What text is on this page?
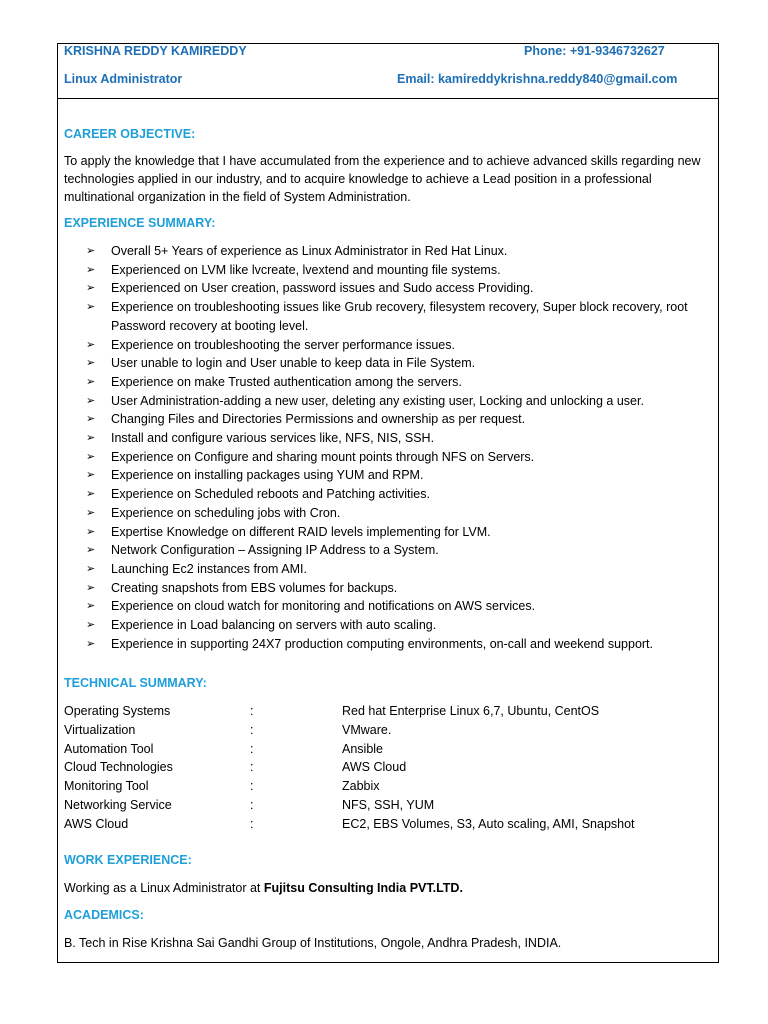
KRISHNA REDDY KAMIREDDY	Phone: +91-9346732627
Linux Administrator	Email: kamireddykrishna.reddy840@gmail.com
CAREER OBJECTIVE:
To apply the knowledge that I have accumulated from the experience and to achieve advanced skills regarding new technologies applied in our industry, and to acquire knowledge to achieve a Lead position in a professional multinational organization in the field of System Administration.
EXPERIENCE SUMMARY:
➢ Overall 5+ Years of experience as Linux Administrator in Red Hat Linux.
➢ Experienced on LVM like lvcreate, lvextend and mounting file systems.
➢ Experienced on User creation, password issues and Sudo access Providing.
➢ Experience on troubleshooting issues like Grub recovery, filesystem recovery, Super block recovery, root Password recovery at booting level.
➢ Experience on troubleshooting the server performance issues.
➢ User unable to login and User unable to keep data in File System.
➢ Experience on make Trusted authentication among the servers.
➢ User Administration-adding a new user, deleting any existing user, Locking and unlocking a user.
➢ Changing Files and Directories Permissions and ownership as per request.
➢ Install and configure various services like, NFS, NIS, SSH.
➢ Experience on Configure and sharing mount points through NFS on Servers.
➢ Experience on installing packages using YUM and RPM.
➢ Experience on Scheduled reboots and Patching activities.
➢ Experience on scheduling jobs with Cron.
➢ Expertise Knowledge on different RAID levels implementing for LVM.
➢ Network Configuration – Assigning IP Address to a System.
➢ Launching Ec2 instances from AMI.
➢ Creating snapshots from EBS volumes for backups.
➢ Experience on cloud watch for monitoring and notifications on AWS services.
➢ Experience in Load balancing on servers with auto scaling.
➢ Experience in supporting 24X7 production computing environments, on-call and weekend support.
TECHNICAL SUMMARY:
Operating Systems	:	Red hat Enterprise Linux 6,7, Ubuntu, CentOS
Virtualization	:	VMware.
Automation Tool	:	Ansible
Cloud Technologies	:	AWS Cloud
Monitoring Tool	:	Zabbix
Networking Service	:	NFS, SSH, YUM
AWS Cloud	:	EC2, EBS Volumes, S3, Auto scaling, AMI, Snapshot
WORK EXPERIENCE:
Working as a Linux Administrator at Fujitsu Consulting India PVT.LTD.
ACADEMICS:
B. Tech in Rise Krishna Sai Gandhi Group of Institutions, Ongole, Andhra Pradesh, INDIA.
